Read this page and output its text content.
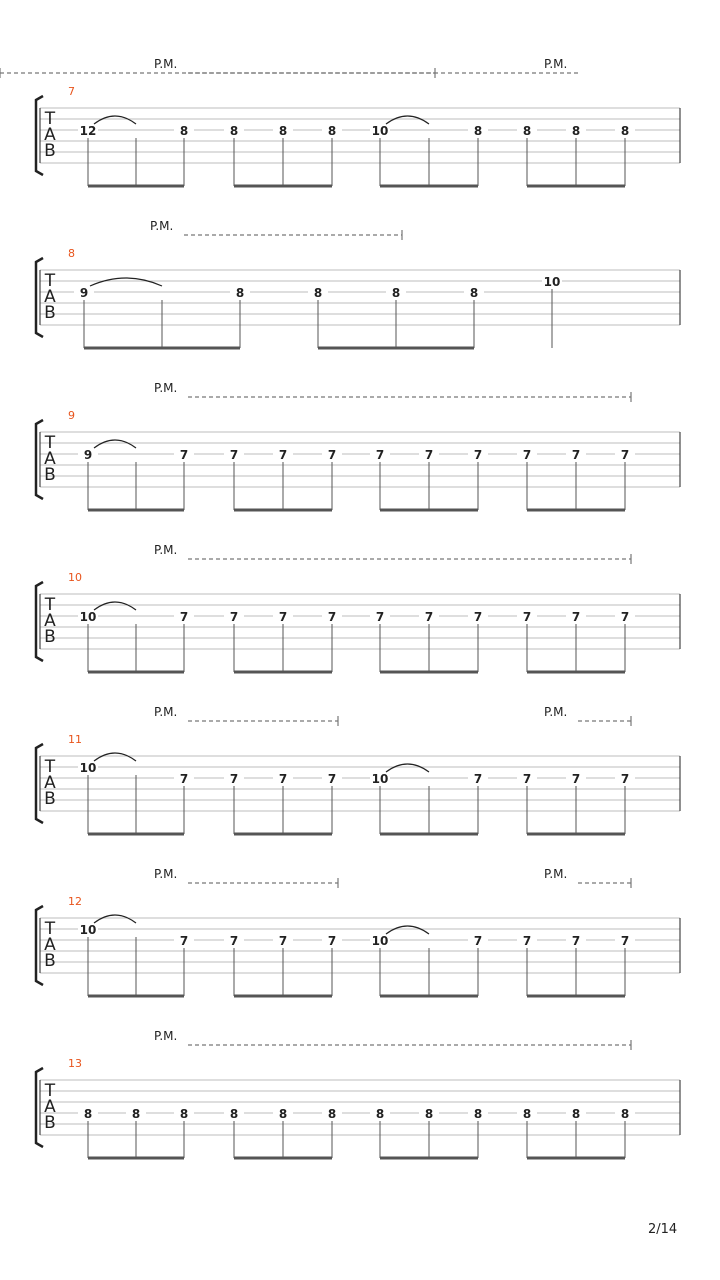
T
A
B
7
P.M.	P.M.
12	8	8	8	8	10	8	8	8	8
T
A
B
8
P.M.
9	8	8	8	8
10
T
A
B
9
P.M.
9	7	7	7	7	7	7	7	7	7	7
T
A
B
10
P.M.
10	7	7	7	7	7	7	7	7	7	7
T
A
B
11
P.M.	P.M.
10
7	7	7	7	10	7	7	7	7
T
A
B
12
P.M.	P.M.
10
7	7	7	7	10	7	7	7	7
T
A
B
13
P.M.
8	8	8	8	8	8	8	8	8	8	8	8
2/14
